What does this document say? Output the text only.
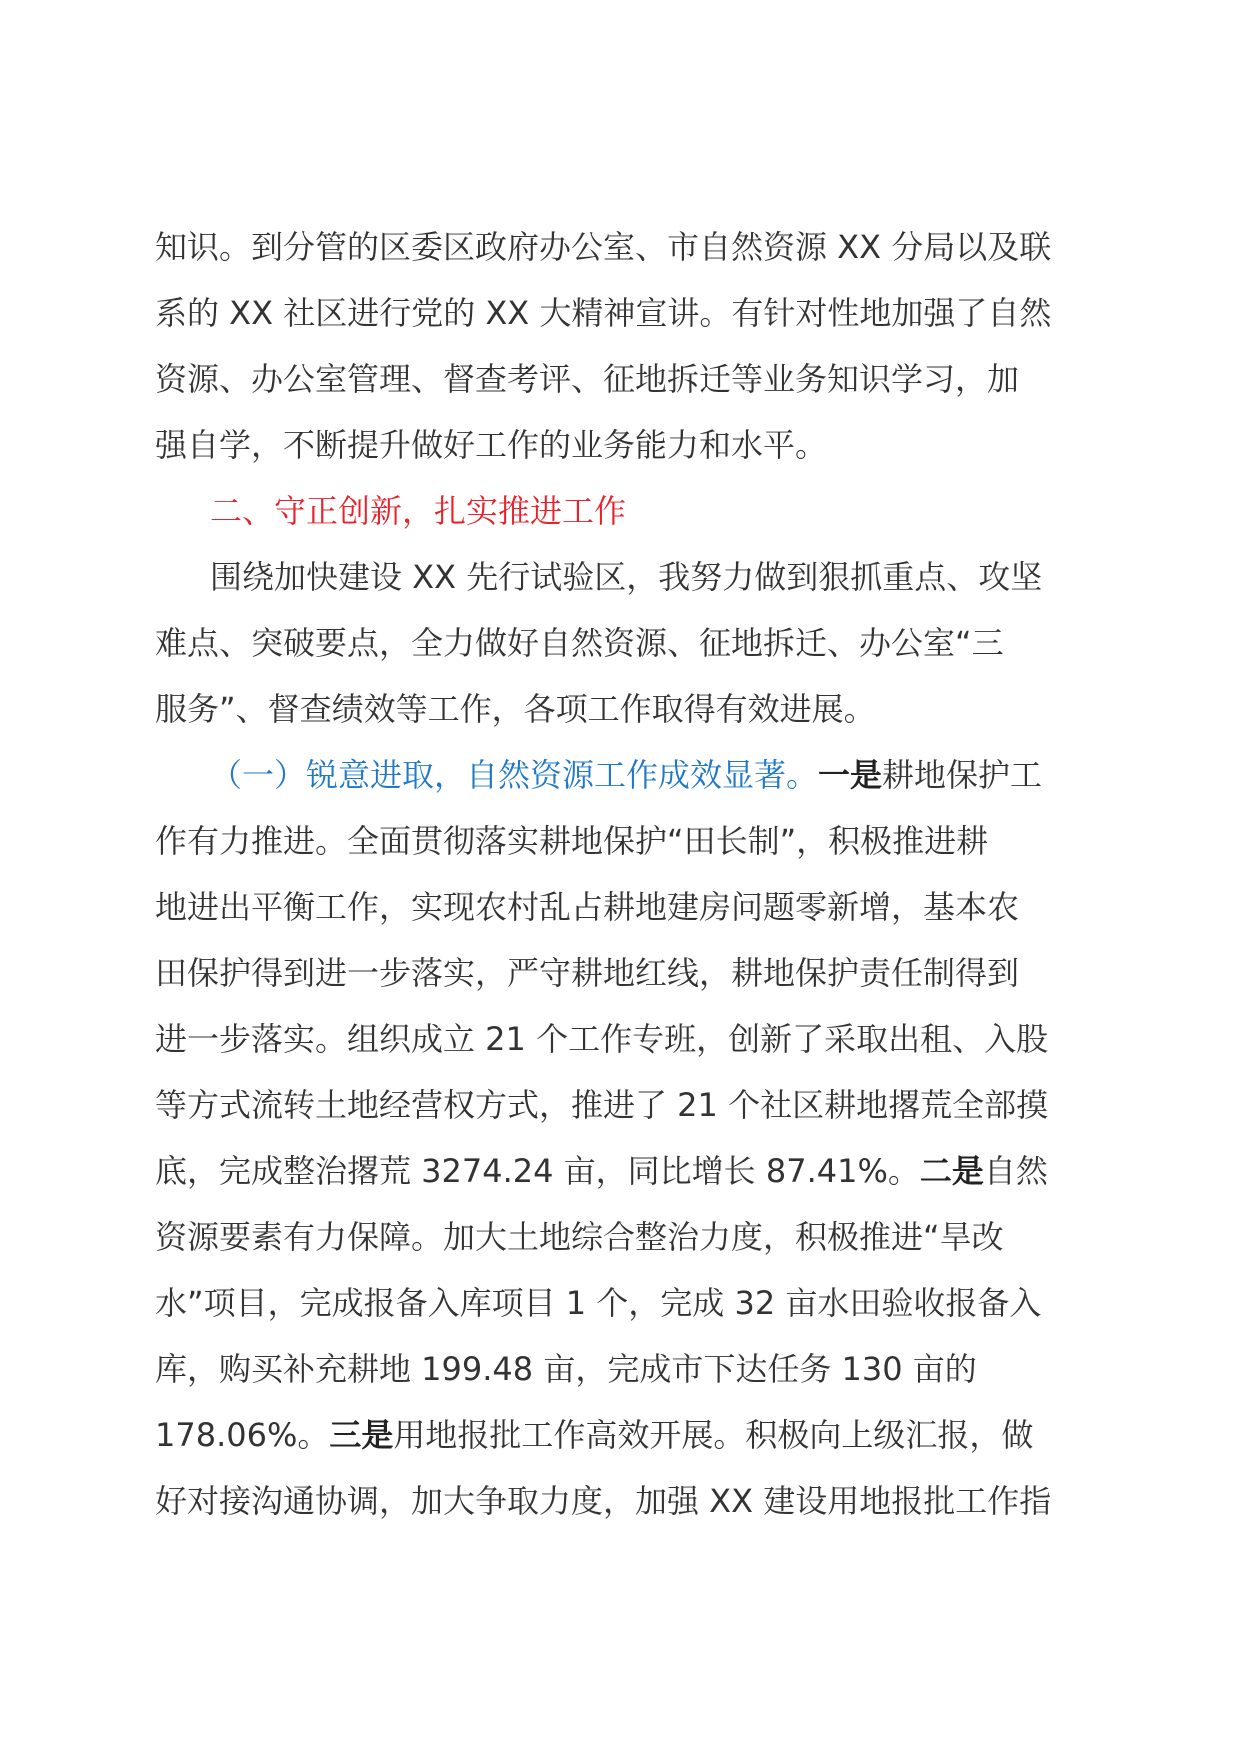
知识。到分管的区委区政府办公室、市自然资源 XX 分局以及联
系的 XX 社区进行党的 XX 大精神宣讲。有针对性地加强了自然
资源、办公室管理、督查考评、征地拆迁等业务知识学习，加
强自学，不断提升做好工作的业务能力和水平。
二、守正创新，扎实推进工作
围绕加快建设 XX 先行试验区，我努力做到狠抓重点、攻坚
难点、突破要点，全力做好自然资源、征地拆迁、办公室“三
服务”、督查绩效等工作，各项工作取得有效进展。
（一）锐意进取，自然资源工作成效显著。一是耕地保护工
作有力推进。全面贯彻落实耕地保护“田长制”，积极推进耕
地进出平衡工作，实现农村乱占耕地建房问题零新增，基本农
田保护得到进一步落实，严守耕地红线，耕地保护责任制得到
进一步落实。组织成立 21 个工作专班，创新了采取出租、入股
等方式流转土地经营权方式，推进了 21 个社区耕地撂荒全部摸
底，完成整治撂荒 3274.24 亩，同比增长 87.41%。二是自然
资源要素有力保障。加大土地综合整治力度，积极推进“旱改
水”项目，完成报备入库项目 1 个，完成 32 亩水田验收报备入
库，购买补充耕地 199.48 亩，完成市下达任务 130 亩的
178.06%。三是用地报批工作高效开展。积极向上级汇报，做
好对接沟通协调，加大争取力度，加强 XX 建设用地报批工作指
